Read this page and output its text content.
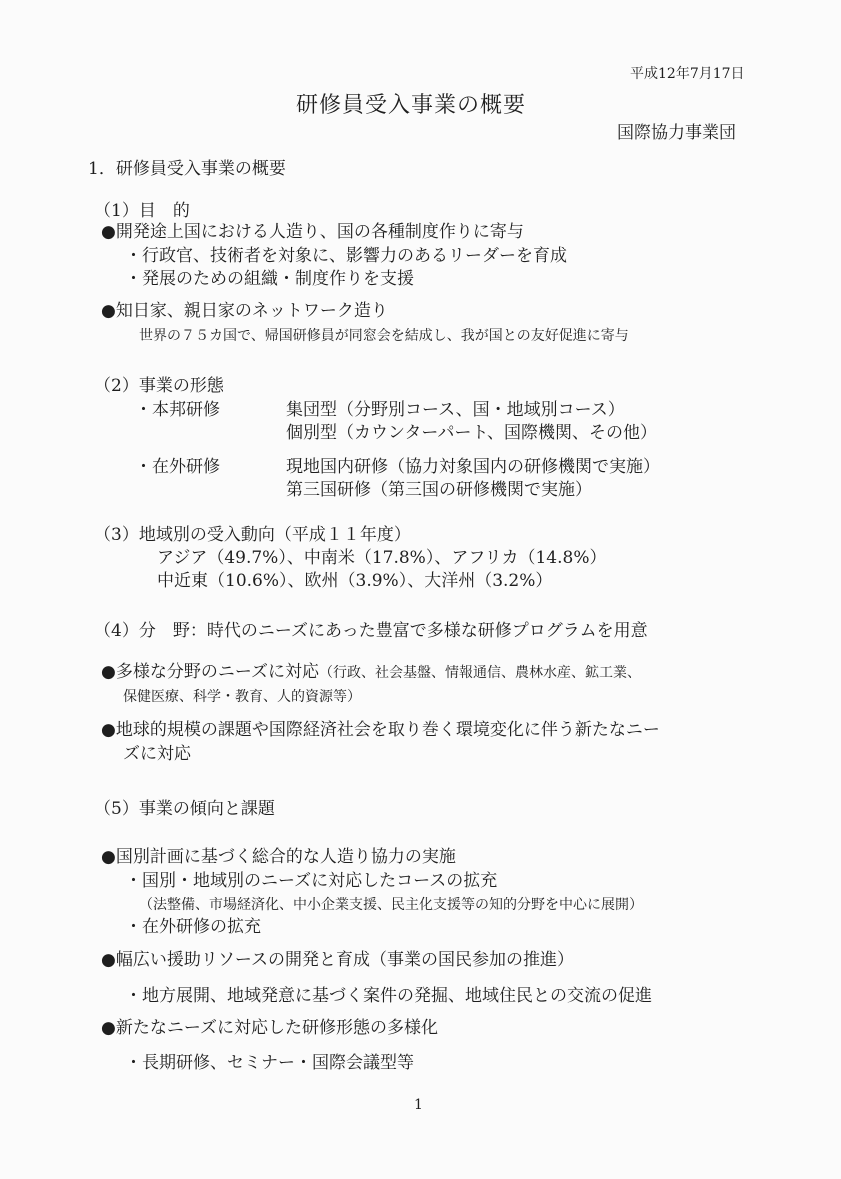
平成12年7月17日
研修員受入事業の概要
国際協力事業団
1．研修員受入事業の概要
（1）目　的
●開発途上国における人造り、国の各種制度作りに寄与
・行政官、技術者を対象に、影響力のあるリーダーを育成
・発展のための組織・制度作りを支援
●知日家、親日家のネットワーク造り
世界の７５カ国で、帰国研修員が同窓会を結成し、我が国との友好促進に寄与
（2）事業の形態
・本邦研修	集団型（分野別コース、国・地域別コース）
個別型（カウンターパート、国際機関、その他）
・在外研修	現地国内研修（協力対象国内の研修機関で実施）
第三国研修（第三国の研修機関で実施）
（3）地域別の受入動向（平成１１年度）
アジア（49.7%）、中南米（17.8%）、アフリカ（14.8%）
中近東（10.6%）、欧州（3.9%）、大洋州（3.2%）
（4）分　野：時代のニーズにあった豊富で多様な研修プログラムを用意
●多様な分野のニーズに対応（行政、社会基盤、情報通信、農林水産、鉱工業、
保健医療、科学・教育、人的資源等）
●地球的規模の課題や国際経済社会を取り巻く環境変化に伴う新たなニー
ズに対応
（5）事業の傾向と課題
●国別計画に基づく総合的な人造り協力の実施
・国別・地域別のニーズに対応したコースの拡充
（法整備、市場経済化、中小企業支援、民主化支援等の知的分野を中心に展開）
・在外研修の拡充
●幅広い援助リソースの開発と育成（事業の国民参加の推進）
・地方展開、地域発意に基づく案件の発掘、地域住民との交流の促進
●新たなニーズに対応した研修形態の多様化
・長期研修、セミナー・国際会議型等
1
